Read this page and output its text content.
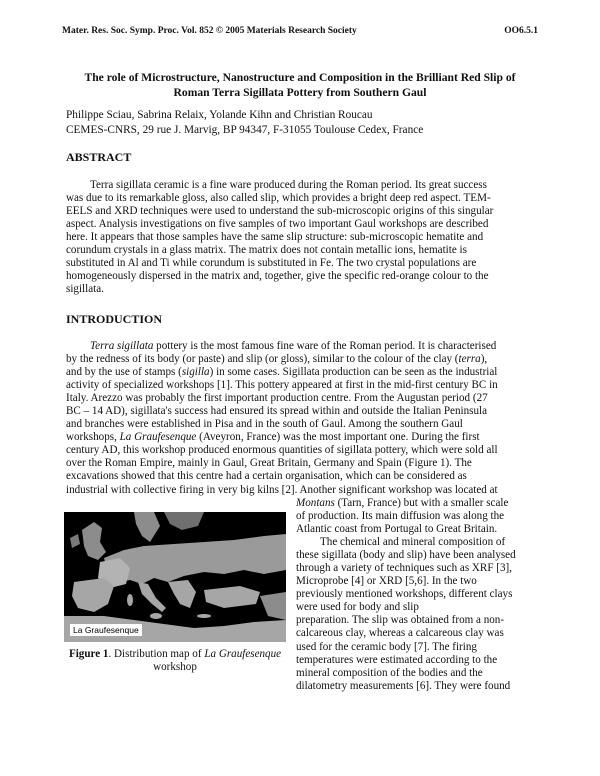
Mater. Res. Soc. Symp. Proc. Vol. 852 © 2005 Materials Research Society	OO6.5.1
The role of Microstructure, Nanostructure and Composition in the Brilliant Red Slip of
Roman Terra Sigillata Pottery from Southern Gaul
Philippe Sciau, Sabrina Relaix, Yolande Kihn and Christian Roucau
CEMES-CNRS, 29 rue J. Marvig, BP 94347, F-31055 Toulouse Cedex, France
ABSTRACT
Terra sigillata ceramic is a fine ware produced during the Roman period. Its great success
was due to its remarkable gloss, also called slip, which provides a bright deep red aspect. TEM-
EELS and XRD techniques were used to understand the sub-microscopic origins of this singular
aspect. Analysis investigations on five samples of two important Gaul workshops are described
here. It appears that those samples have the same slip structure: sub-microscopic hematite and
corundum crystals in a glass matrix. The matrix does not contain metallic ions, hematite is
substituted in Al and Ti while corundum is substituted in Fe. The two crystal populations are
homogeneously dispersed in the matrix and, together, give the specific red-orange colour to the
sigillata.
INTRODUCTION
Terra sigillata pottery is the most famous fine ware of the Roman period. It is characterised
by the redness of its body (or paste) and slip (or gloss), similar to the colour of the clay (terra),
and by the use of stamps (sigilla) in some cases. Sigillata production can be seen as the industrial
activity of specialized workshops [1]. This pottery appeared at first in the mid-first century BC in
Italy. Arezzo was probably the first important production centre. From the Augustan period (27
BC – 14 AD), sigillata's success had ensured its spread within and outside the Italian Peninsula
and branches were established in Pisa and in the south of Gaul. Among the southern Gaul
workshops, La Graufesenque (Aveyron, France) was the most important one. During the first
century AD, this workshop produced enormous quantities of sigillata pottery, which were sold all
over the Roman Empire, mainly in Gaul, Great Britain, Germany and Spain (Figure 1). The
excavations showed that this centre had a certain organisation, which can be considered as
industrial with collective firing in very big kilns [2]. Another significant workshop was located at
Montans (Tarn, France) but with a smaller scale
of production. Its main diffusion was along the
Atlantic coast from Portugal to Great Britain.
The chemical and mineral composition of
these sigillata (body and slip) have been analysed
through a variety of techniques such as XRF [3],
Microprobe [4] or XRD [5,6]. In the two
previously mentioned workshops, different clays
were used for body and slip
preparation. The slip was obtained from a non-
calcareous clay, whereas a calcareous clay was
used for the ceramic body [7]. The firing
temperatures were estimated according to the
mineral composition of the bodies and the
dilatometry measurements [6]. They were found
La Graufesenque
Figure 1. Distribution map of La Graufesenque workshop
